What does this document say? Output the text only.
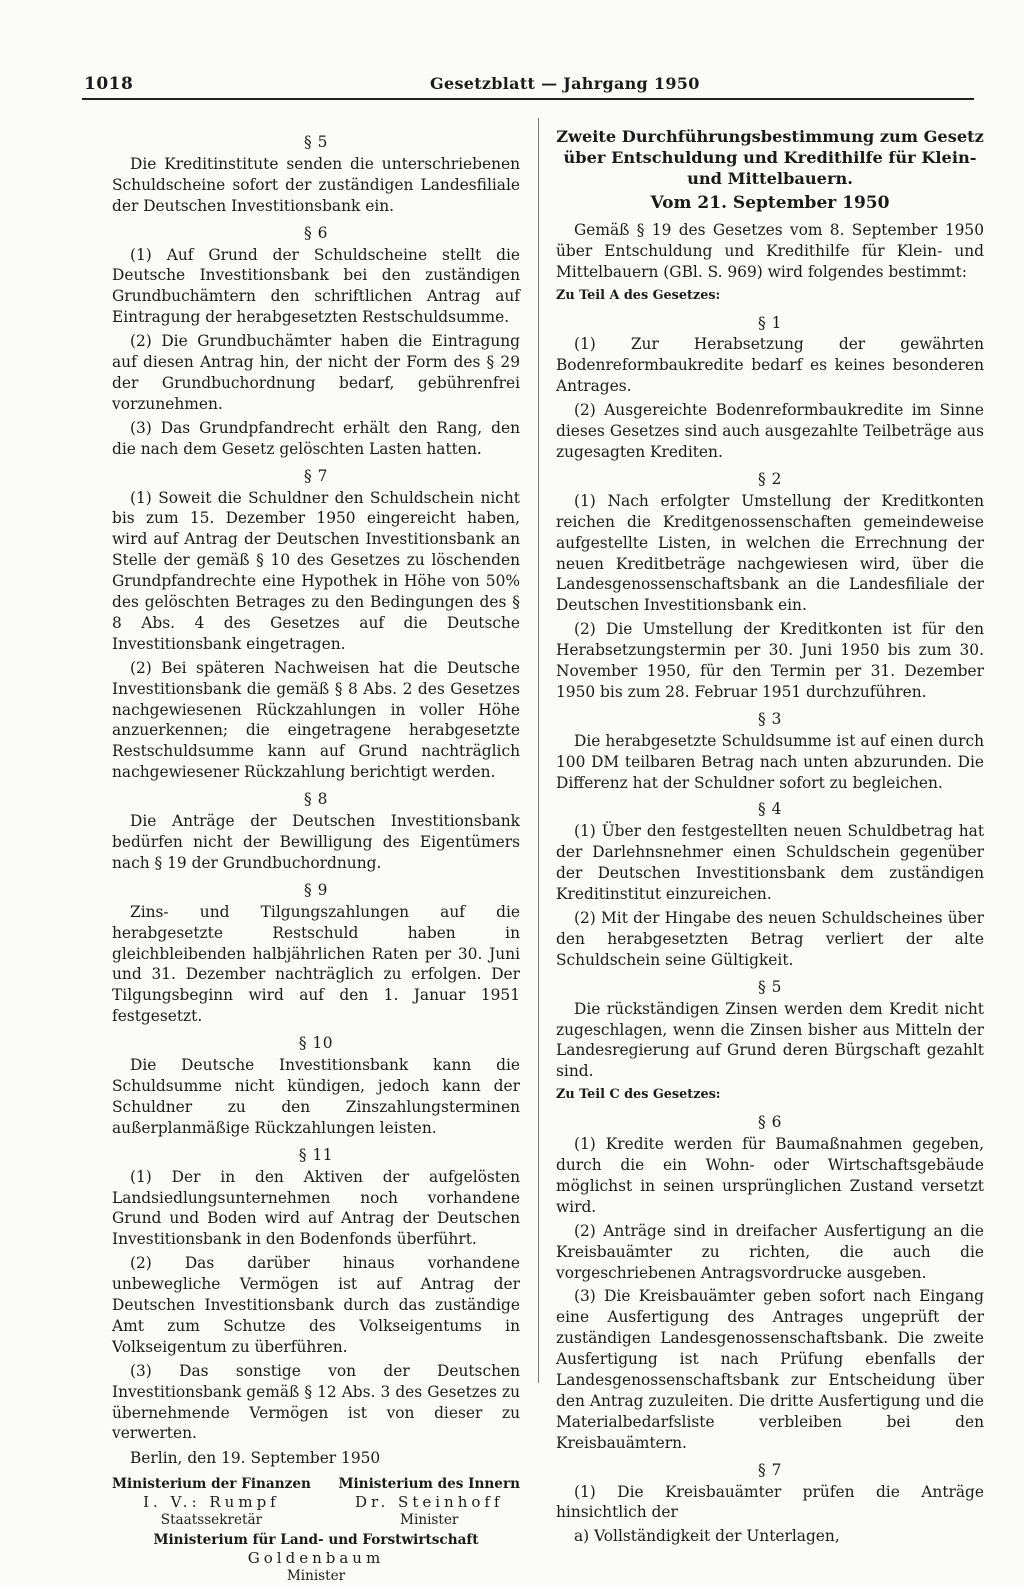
1018	Gesetzblatt — Jahrgang 1950
§ 5

Die Kreditinstitute senden die unterschriebenen Schuldscheine sofort der zuständigen Landesfiliale der Deutschen Investitionsbank ein.

§ 6

(1) Auf Grund der Schuldscheine stellt die Deutsche Investitionsbank bei den zuständigen Grundbuchämtern den schriftlichen Antrag auf Eintragung der herabgesetzten Restschuldsumme.

(2) Die Grundbuchämter haben die Eintragung auf diesen Antrag hin, der nicht der Form des § 29 der Grundbuchordnung bedarf, gebührenfrei vorzunehmen.

(3) Das Grundpfandrecht erhält den Rang, den die nach dem Gesetz gelöschten Lasten hatten.

§ 7

(1) Soweit die Schuldner den Schuldschein nicht bis zum 15. Dezember 1950 eingereicht haben, wird auf Antrag der Deutschen Investitionsbank an Stelle der gemäß § 10 des Gesetzes zu löschenden Grundpfandrechte eine Hypothek in Höhe von 50% des gelöschten Betrages zu den Bedingungen des § 8 Abs. 4 des Gesetzes auf die Deutsche Investitionsbank eingetragen.

(2) Bei späteren Nachweisen hat die Deutsche Investitionsbank die gemäß § 8 Abs. 2 des Gesetzes nachgewiesenen Rückzahlungen in voller Höhe anzuerkennen; die eingetragene herabgesetzte Restschuldsumme kann auf Grund nachträglich nachgewiesener Rückzahlung berichtigt werden.

§ 8

Die Anträge der Deutschen Investitionsbank bedürfen nicht der Bewilligung des Eigentümers nach § 19 der Grundbuchordnung.

§ 9

Zins- und Tilgungszahlungen auf die herabgesetzte Restschuld haben in gleichbleibenden halbjährlichen Raten per 30. Juni und 31. Dezember nachträglich zu erfolgen. Der Tilgungsbeginn wird auf den 1. Januar 1951 festgesetzt.

§ 10

Die Deutsche Investitionsbank kann die Schuldsumme nicht kündigen, jedoch kann der Schuldner zu den Zinszahlungsterminen außerplanmäßige Rückzahlungen leisten.

§ 11

(1) Der in den Aktiven der aufgelösten Landsiedlungsunternehmen noch vorhandene Grund und Boden wird auf Antrag der Deutschen Investitionsbank in den Bodenfonds überführt.

(2) Das darüber hinaus vorhandene unbewegliche Vermögen ist auf Antrag der Deutschen Investitionsbank durch das zuständige Amt zum Schutze des Volkseigentums in Volkseigentum zu überführen.

(3) Das sonstige von der Deutschen Investitionsbank gemäß § 12 Abs. 3 des Gesetzes zu übernehmende Vermögen ist von dieser zu verwerten.

Berlin, den 19. September 1950

Ministerium der Finanzen
I. V.: Rumpf
Staatssekretär
Ministerium des Innern
Dr. Steinhoff
Minister
Ministerium für Land- und Forstwirtschaft
Goldenbaum
Minister
Zweite Durchführungsbestimmung zum Gesetz über Entschuldung und Kredithilfe für Klein- und Mittelbauern.
Vom 21. September 1950

Gemäß § 19 des Gesetzes vom 8. September 1950 über Entschuldung und Kredithilfe für Klein- und Mittelbauern (GBl. S. 969) wird folgendes bestimmt:

Zu Teil A des Gesetzes:

§ 1

(1) Zur Herabsetzung der gewährten Bodenreformbaukredite bedarf es keines besonderen Antrages.

(2) Ausgereichte Bodenreformbaukredite im Sinne dieses Gesetzes sind auch ausgezahlte Teilbeträge aus zugesagten Krediten.

§ 2

(1) Nach erfolgter Umstellung der Kreditkonten reichen die Kreditgenossenschaften gemeindeweise aufgestellte Listen, in welchen die Errechnung der neuen Kreditbeträge nachgewiesen wird, über die Landesgenossenschaftsbank an die Landesfiliale der Deutschen Investitionsbank ein.

(2) Die Umstellung der Kreditkonten ist für den Herabsetzungstermin per 30. Juni 1950 bis zum 30. November 1950, für den Termin per 31. Dezember 1950 bis zum 28. Februar 1951 durchzuführen.

§ 3

Die herabgesetzte Schuldsumme ist auf einen durch 100 DM teilbaren Betrag nach unten abzurunden. Die Differenz hat der Schuldner sofort zu begleichen.

§ 4

(1) Über den festgestellten neuen Schuldbetrag hat der Darlehnsnehmer einen Schuldschein gegenüber der Deutschen Investitionsbank dem zuständigen Kreditinstitut einzureichen.

(2) Mit der Hingabe des neuen Schuldscheines über den herabgesetzten Betrag verliert der alte Schuldschein seine Gültigkeit.

§ 5

Die rückständigen Zinsen werden dem Kredit nicht zugeschlagen, wenn die Zinsen bisher aus Mitteln der Landesregierung auf Grund deren Bürgschaft gezahlt sind.

Zu Teil C des Gesetzes:

§ 6

(1) Kredite werden für Baumaßnahmen gegeben, durch die ein Wohn- oder Wirtschaftsgebäude möglichst in seinen ursprünglichen Zustand versetzt wird.

(2) Anträge sind in dreifacher Ausfertigung an die Kreisbauämter zu richten, die auch die vorgeschriebenen Antragsvordrucke ausgeben.

(3) Die Kreisbauämter geben sofort nach Eingang eine Ausfertigung des Antrages ungeprüft der zuständigen Landesgenossenschaftsbank. Die zweite Ausfertigung ist nach Prüfung ebenfalls der Landesgenossenschaftsbank zur Entscheidung über den Antrag zuzuleiten. Die dritte Ausfertigung und die Materialbedarfsliste verbleiben bei den Kreisbauämtern.

§ 7

(1) Die Kreisbauämter prüfen die Anträge hinsichtlich der

a) Vollständigkeit der Unterlagen,
